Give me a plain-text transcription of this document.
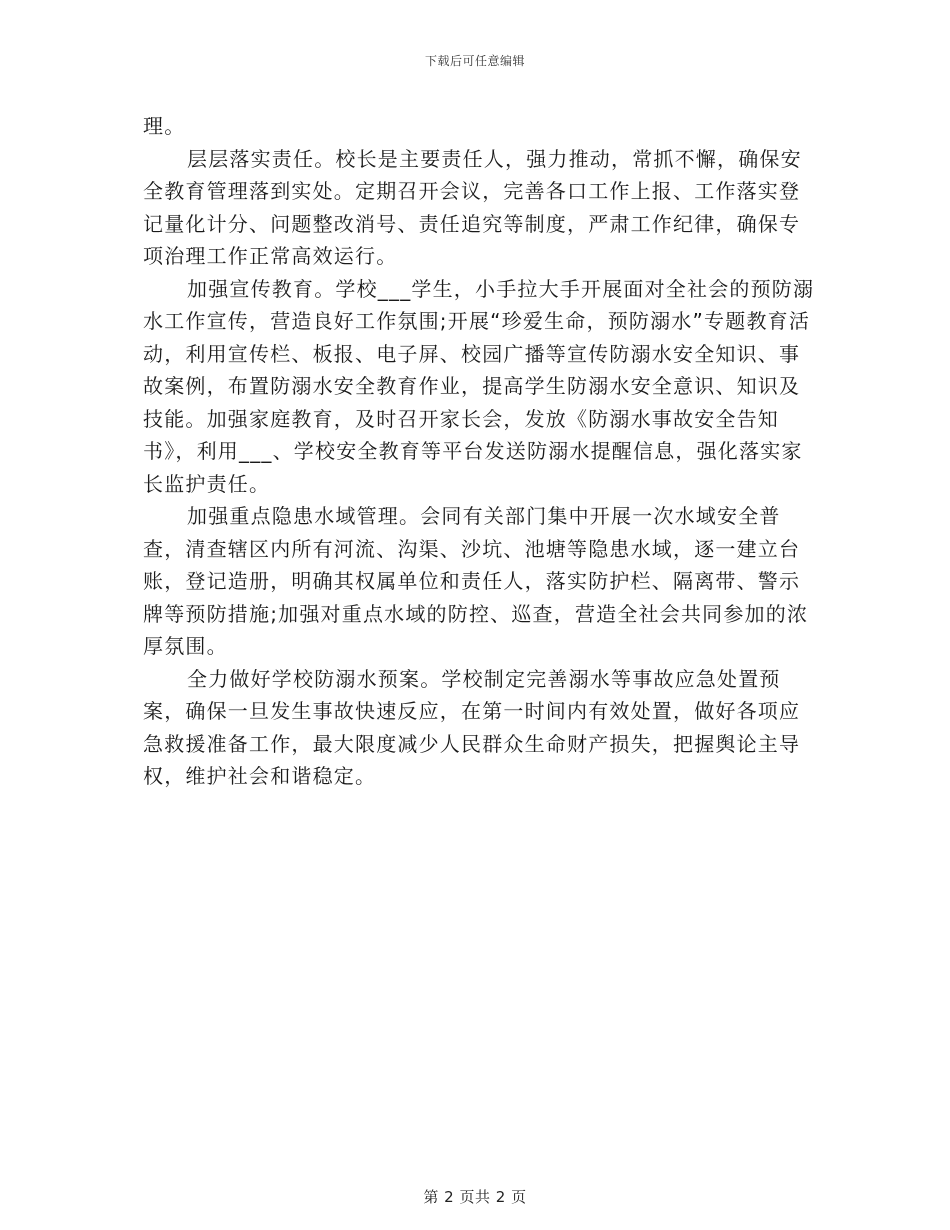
下载后可任意编辑

理。

层层落实责任。校长是主要责任人，强力推动，常抓不懈，确保安全教育管理落到实处。定期召开会议，完善各口工作上报、工作落实登记量化计分、问题整改消号、责任追究等制度，严肃工作纪律，确保专项治理工作正常高效运行。

加强宣传教育。学校___学生，小手拉大手开展面对全社会的预防溺水工作宣传，营造良好工作氛围;开展“珍爱生命，预防溺水”专题教育活动，利用宣传栏、板报、电子屏、校园广播等宣传防溺水安全知识、事故案例，布置防溺水安全教育作业，提高学生防溺水安全意识、知识及技能。加强家庭教育，及时召开家长会，发放《防溺水事故安全告知书》，利用___、学校安全教育等平台发送防溺水提醒信息，强化落实家长监护责任。

加强重点隐患水域管理。会同有关部门集中开展一次水域安全普查，清查辖区内所有河流、沟渠、沙坑、池塘等隐患水域，逐一建立台账，登记造册，明确其权属单位和责任人，落实防护栏、隔离带、警示牌等预防措施;加强对重点水域的防控、巡查，营造全社会共同参加的浓厚氛围。

全力做好学校防溺水预案。学校制定完善溺水等事故应急处置预案，确保一旦发生事故快速反应，在第一时间内有效处置，做好各项应急救援准备工作，最大限度减少人民群众生命财产损失，把握舆论主导权，维护社会和谐稳定。

第 2 页共 2 页
